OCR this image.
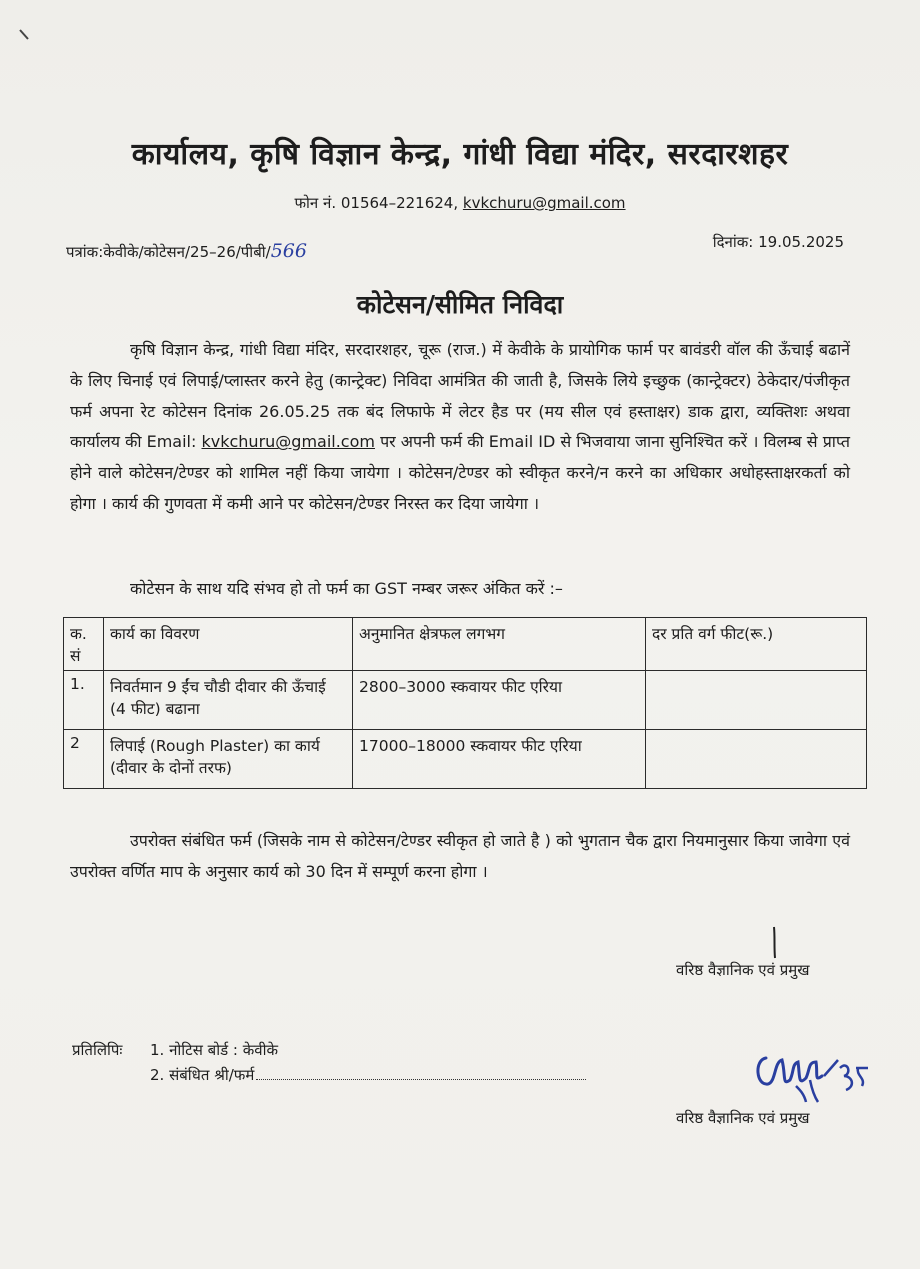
कार्यालय, कृषि विज्ञान केन्द्र, गांधी विद्या मंदिर, सरदारशहर
फोन नं. 01564–221624, kvkchuru@gmail.com
पत्रांक:केवीके/कोटेसन/25–26/पीबी/566	दिनांक: 19.05.2025
कोटेसन/सीमित निविदा
कृषि विज्ञान केन्द्र, गांधी विद्या मंदिर, सरदारशहर, चूरू (राज.) में केवीके के प्रायोगिक फार्म पर बावंडरी वॉल की ऊँचाई बढानें के लिए चिनाई एवं लिपाई/प्लास्तर करने हेतु (कान्ट्रेक्ट) निविदा आमंत्रित की जाती है, जिसके लिये इच्छुक (कान्ट्रेक्टर) ठेकेदार/पंजीकृत फर्म अपना रेट कोटेसन दिनांक 26.05.25 तक बंद लिफाफे में लेटर हैड पर (मय सील एवं हस्ताक्षर) डाक द्वारा, व्यक्तिशः अथवा कार्यालय की Email: kvkchuru@gmail.com पर अपनी फर्म की Email ID से भिजवाया जाना सुनिश्चित करें । विलम्ब से प्राप्त होने वाले कोटेसन/टेण्डर को शामिल नहीं किया जायेगा । कोटेसन/टेण्डर को स्वीकृत करने/न करने का अधिकार अधोहस्ताक्षरकर्ता को होगा । कार्य की गुणवता में कमी आने पर कोटेसन/टेण्डर निरस्त कर दिया जायेगा ।
कोटेसन के साथ यदि संभव हो तो फर्म का GST नम्बर जरूर अंकित करें :–
क. सं	कार्य का विवरण	अनुमानित क्षेत्रफल लगभग	दर प्रति वर्ग फीट(रू.)
1.	निवर्तमान 9 ईंच चौडी दीवार की ऊँचाई (4 फीट) बढाना	2800–3000 स्कवायर फीट एरिया	
2	लिपाई (Rough Plaster) का कार्य (दीवार के दोनों तरफ)	17000–18000 स्कवायर फीट एरिया	
उपरोक्त संबंधित फर्म (जिसके नाम से कोटेसन/टेण्डर स्वीकृत हो जाते है ) को भुगतान चैक द्वारा नियमानुसार किया जावेगा एवं उपरोक्त वर्णित माप के अनुसार कार्य को 30 दिन में सम्पूर्ण करना होगा ।
वरिष्ठ वैज्ञानिक एवं प्रमुख
प्रतिलिपिः 1. नोटिस बोर्ड : केवीके
2. संबंधित श्री/फर्म
वरिष्ठ वैज्ञानिक एवं प्रमुख
